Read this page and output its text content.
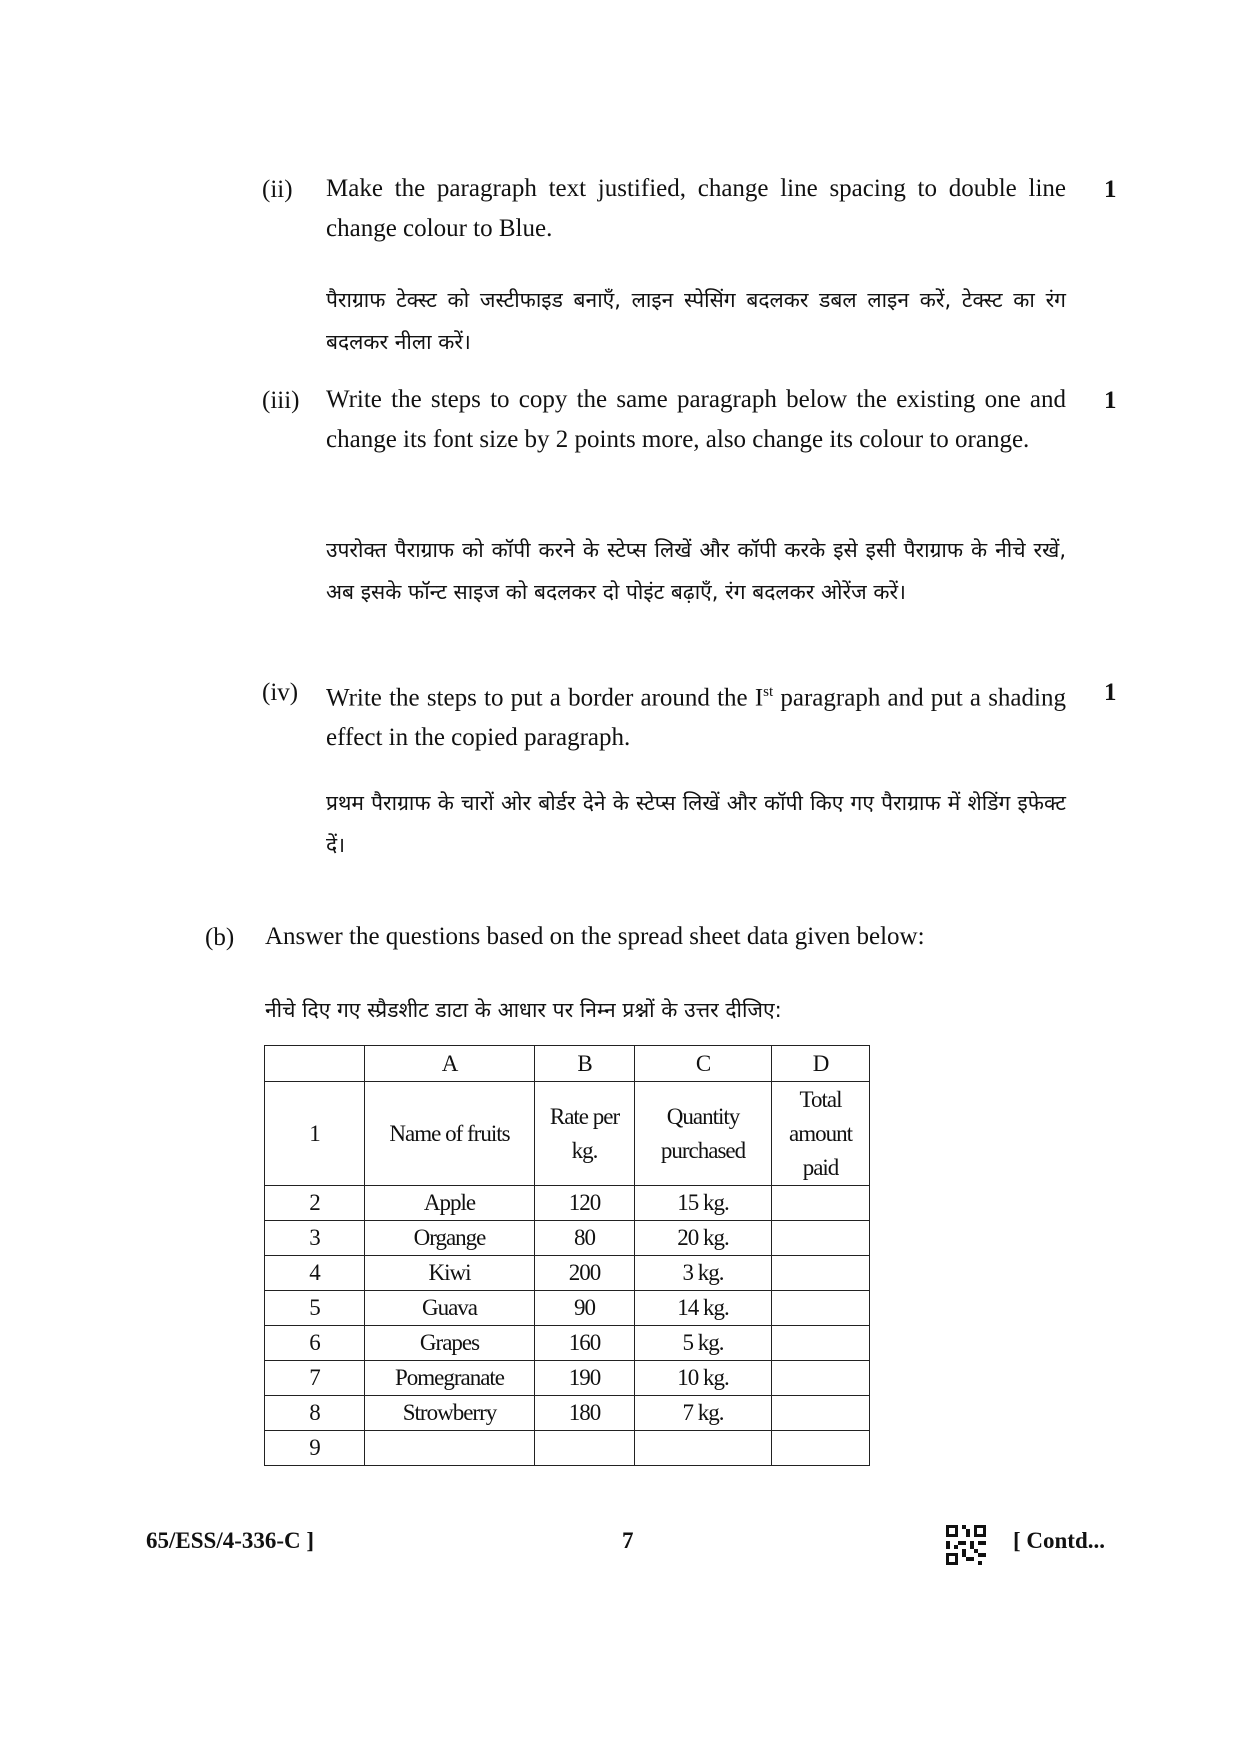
(ii) Make the paragraph text justified, change line spacing to double line change colour to Blue.
1
पैराग्राफ टेक्स्ट को जस्टीफाइड बनाएँ, लाइन स्पेसिंग बदलकर डबल लाइन करें, टेक्स्ट का रंग बदलकर नीला करें।
(iii) Write the steps to copy the same paragraph below the existing one and change its font size by 2 points more, also change its colour to orange.
1
उपरोक्त पैराग्राफ को कॉपी करने के स्टेप्स लिखें और कॉपी करके इसे इसी पैराग्राफ के नीचे रखें, अब इसके फॉन्ट साइज को बदलकर दो पोइंट बढ़ाएँ, रंग बदलकर ओरेंज करें।
(iv) Write the steps to put a border around the Ist paragraph and put a shading effect in the copied paragraph.
1
प्रथम पैराग्राफ के चारों ओर बोर्डर देने के स्टेप्स लिखें और कॉपी किए गए पैराग्राफ में शेडिंग इफेक्ट दें।
(b) Answer the questions based on the spread sheet data given below:
नीचे दिए गए स्प्रैडशीट डाटा के आधार पर निम्न प्रश्नों के उत्तर दीजिए:
	A	B	C	D
1	Name of fruits	Rate per kg.	Quantity purchased	Total amount paid
2	Apple	120	15 kg.	
3	Organge	80	20 kg.	
4	Kiwi	200	3 kg.	
5	Guava	90	14 kg.	
6	Grapes	160	5 kg.	
7	Pomegranate	190	10 kg.	
8	Strowberry	180	7 kg.	
9				
65/ESS/4-336-C ]	7	[ Contd...
